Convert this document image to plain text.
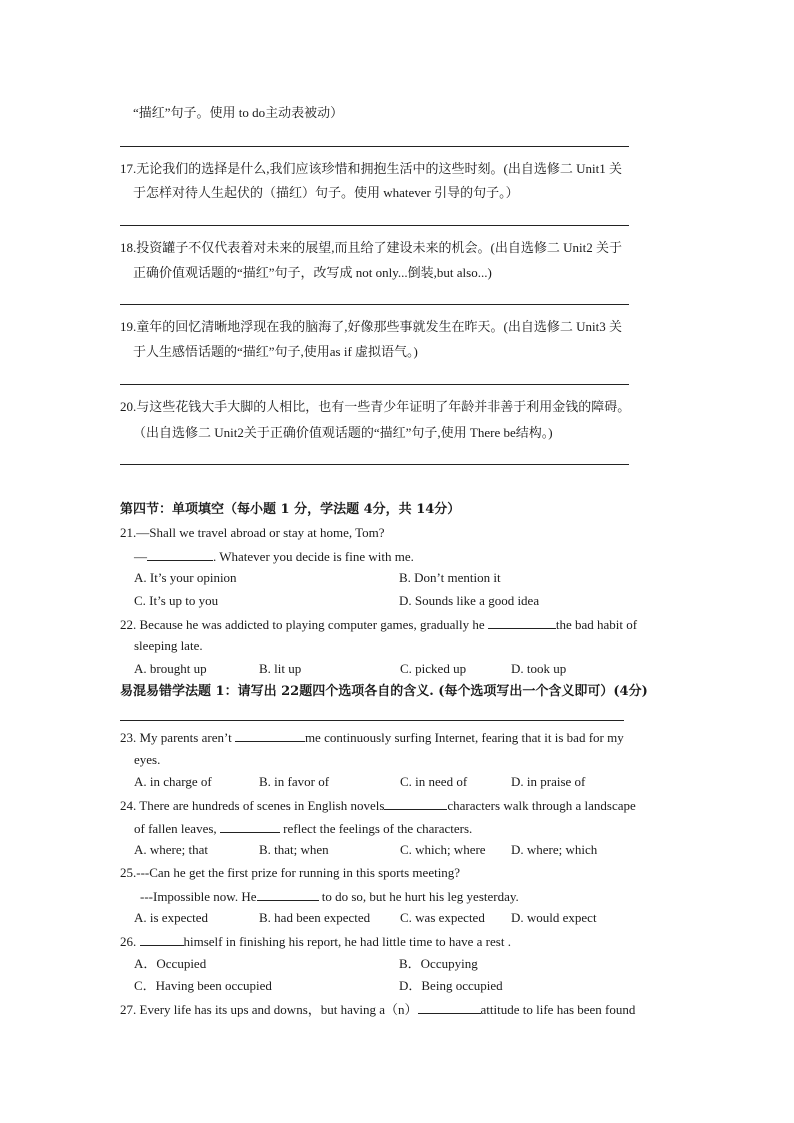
“描红”句子。使用 to do主动表被动）
17.无论我们的选择是什么,我们应该珍惜和拥抱生活中的这些时刻。(出自选修二 Unit1 关
于怎样对待人生起伏的（描红）句子。使用 whatever 引导的句子。）
18.投资罐子不仅代表着对未来的展望,而且给了建设未来的机会。(出自选修二 Unit2 关于
正确价值观话题的“描红”句子，改写成 not only...倒装,but also...)
19.童年的回忆清晰地浮现在我的脑海了,好像那些事就发生在昨天。(出自选修二 Unit3 关
于人生感悟话题的“描红”句子,使用as if 虚拟语气。)
20.与这些花钱大手大脚的人相比，也有一些青少年证明了年龄并非善于利用金钱的障碍。
（出自选修二 Unit2关于正确价值观话题的“描红”句子,使用 There be结构。)
第四节：单项填空（每小题 1 分，学法题 4分，共 14分）
21.—Shall we travel abroad or stay at home, Tom?
—	. Whatever you decide is fine with me.
A. It’s your opinion	B. Don’t mention it
C. It’s up to you	D. Sounds like a good idea
22. Because he was addicted to playing computer games, gradually he	the bad habit of
sleeping late.
A. brought up	B. lit up	C. picked up	D. took up
易混易错学法题 1：请写出 22题四个选项各自的含义. (每个选项写出一个含义即可）(4分)
23. My parents aren’t	me continuously surfing Internet, fearing that it is bad for my
eyes.
A. in charge of	B. in favor of	C. in need of	D. in praise of
24. There are hundreds of scenes in English novels	characters walk through a landscape
of fallen leaves,	reflect the feelings of the characters.
A. where; that	B. that; when	C. which; where D. where; which
25.---Can he get the first prize for running in this sports meeting?
---Impossible now. He	to do so, but he hurt his leg yesterday.
A. is expected	B. had been expected C. was expected D. would expect
26.	himself in finishing his report, he had little time to have a rest .
A．Occupied	B．Occupying
C．Having been occupied	D．Being occupied
27. Every life has its ups and downs，but having a（n）	attitude to life has been found
